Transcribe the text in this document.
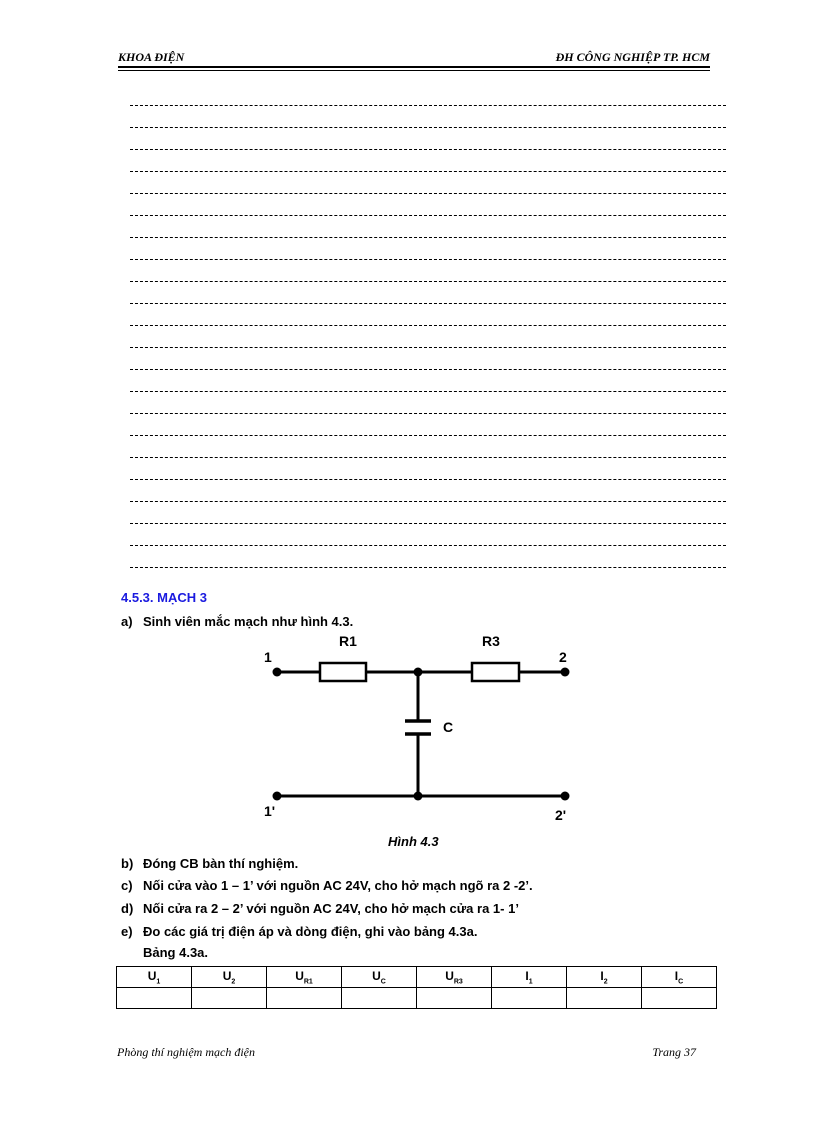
KHOA ĐIỆN	ĐH CÔNG NGHIỆP TP. HCM
4.5.3. MẠCH 3
a) Sinh viên mắc mạch như hình 4.3.
1	2
R1	R3
C
1'	2'
Hình 4.3
b) Đóng CB bàn thí nghiệm.
c) Nối cửa vào 1 – 1’ với nguồn AC 24V, cho hở mạch ngõ ra 2 -2’.
d) Nối cửa ra 2 – 2’ với nguồn AC 24V, cho hở mạch cửa ra 1- 1’
e) Đo các giá trị điện áp và dòng điện, ghi vào bảng 4.3a.
Bảng 4.3a.
$U_1$	$U_2$	$U_{R1}$	$U_C$	$U_{R3}$	$I_1$	$I_2$	$I_C$

Phòng thí nghiệm mạch điện	Trang 37
